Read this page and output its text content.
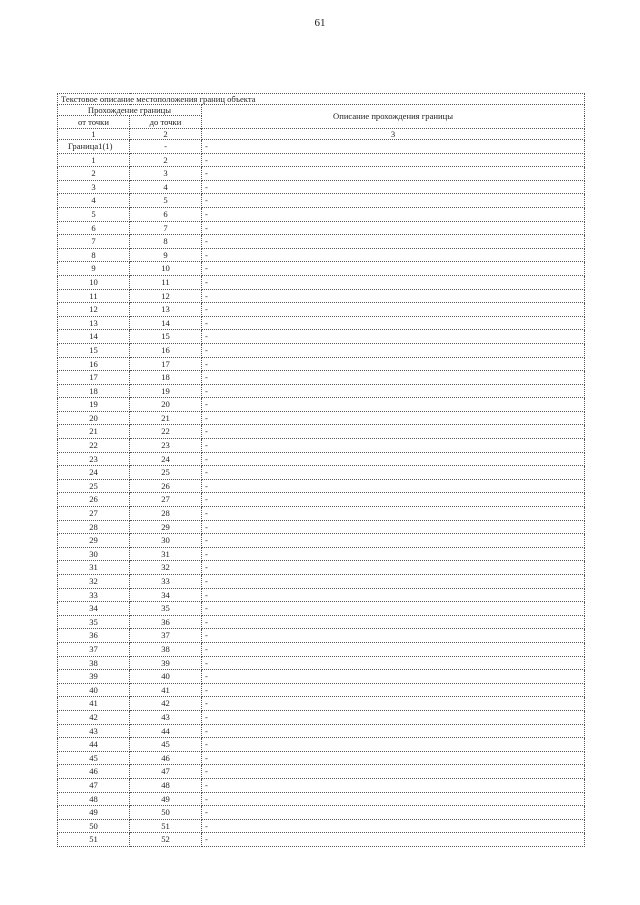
61
Текстовое описание местоположения границ объекта		
Прохождение границы		Описание прохождения границы
от точки	до точки	
1	2	3
Граница1(1)	-	-
1	2	-
2	3	-
3	4	-
4	5	-
5	6	-
6	7	-
7	8	-
8	9	-
9	10	-
10	11	-
11	12	-
12	13	-
13	14	-
14	15	-
15	16	-
16	17	-
17	18	-
18	19	-
19	20	-
20	21	-
21	22	-
22	23	-
23	24	-
24	25	-
25	26	-
26	27	-
27	28	-
28	29	-
29	30	-
30	31	-
31	32	-
32	33	-
33	34	-
34	35	-
35	36	-
36	37	-
37	38	-
38	39	-
39	40	-
40	41	-
41	42	-
42	43	-
43	44	-
44	45	-
45	46	-
46	47	-
47	48	-
48	49	-
49	50	-
50	51	-
51	52	-
